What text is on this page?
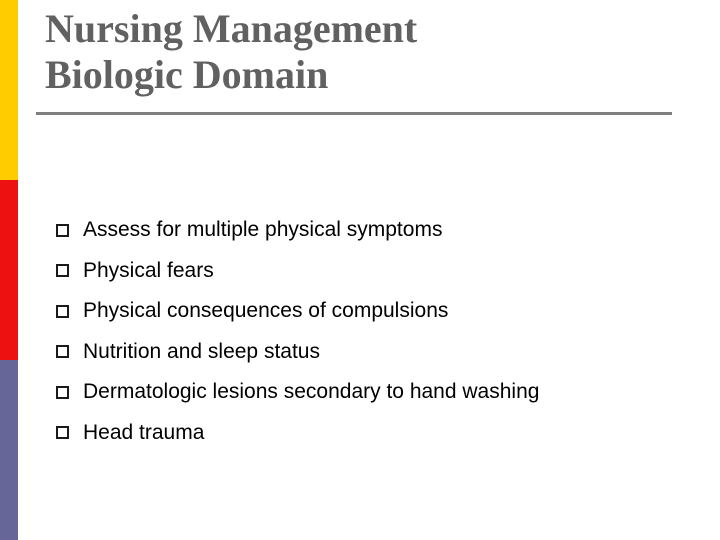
Nursing Management
Biologic Domain
Assess for multiple physical symptoms
Physical fears
Physical consequences of compulsions
Nutrition and sleep status
Dermatologic lesions secondary to hand washing
Head trauma
